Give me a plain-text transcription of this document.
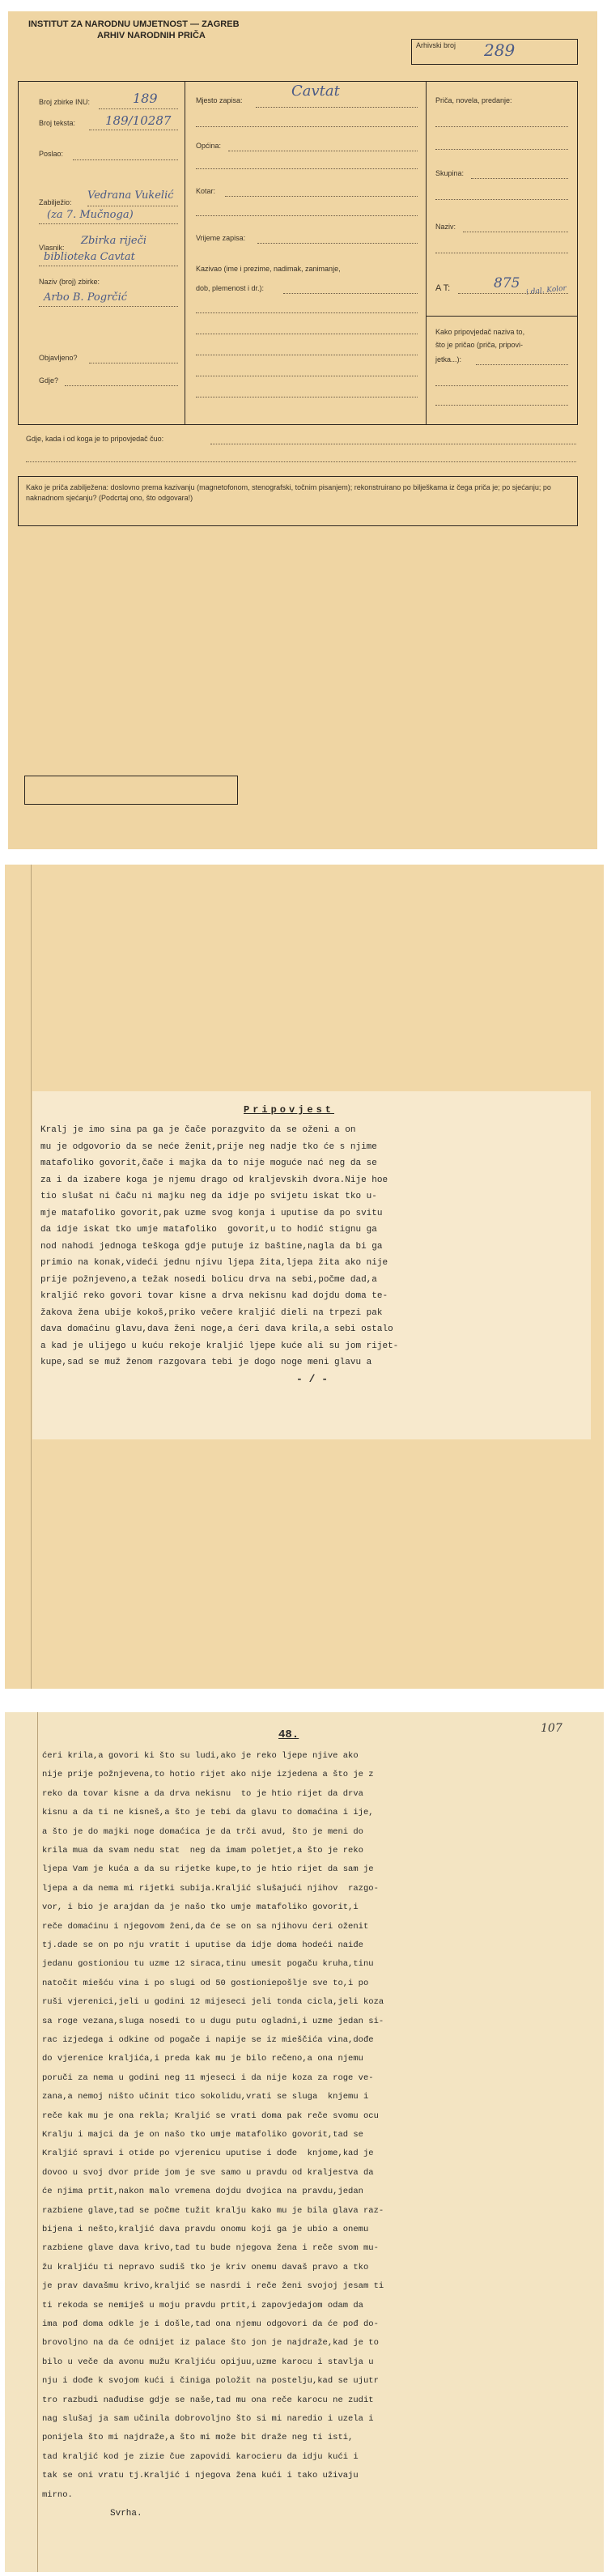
INSTITUT ZA NARODNU UMJETNOST — ZAGREB
ARHIV NARODNIH PRIČA
Arhivski broj 289
Broj zbirke INU:	189
Broj teksta: 189/10287
Poslao:
Zabilježio:
Vedrana Vukelić
(za 7. Mučnoga)
Vlasnik:
Zbirka riječi
biblioteka Cavtat
Naziv (broj) zbirke:
Arbo B. Pogrčić
Objavljeno?
Gdje?
Mjesto zapisa:
Cavtat
Općina:
Kotar:
Vrijeme zapisa:
Kazivao (ime i prezime, nadimak, zanimanje,
dob, plemenost i dr.):
Priča, novela, predanje:
Skupina:
Naziv:
A T:	875 i dal. Kolor
Kako pripovjedač naziva to,
što je pričao (priča, pripovi-
jetka...):
Gdje, kada i od koga je to pripovjedač čuo:
Kako je priča zabilježena: doslovno prema kazivanju (magnetofonom, stenografski, točnim pisanjem); rekonstruirano po bilješkama iz čega priča je; po sjećanju; po naknadnom sjećanju? (Podcrtaj ono, što odgovara!)
Pripovjest
Kralj je imo sina pa ga je čače porazgvito da se oženi a on
mu je odgovorio da se neće ženit,prije neg nadje tko će s njime
matafoliko govorit,čače i majka da to nije moguće nać neg da se
za i da izabere koga je njemu drago od kraljevskih dvora.Nije hoe
tio slušat ni čaču ni majku neg da idje po svijetu iskat tko u-
mje matafoliko govorit,pak uzme svog konja i uputise da po svitu
da idje iskat tko umje matafoliko  govorit,u to hodić stignu ga
nod nahodi jednoga teškoga gdje putuje iz baštine,nagla da bi ga
primio na konak,videći jednu njivu ljepa žita,ljepa žita ako nije
prije požnjeveno,a težak nosedi bolicu drva na sebi,počme dad,a
kraljić reko govori tovar kisne a drva nekisnu kad dojdu doma te-
žakova žena ubije kokoš,priko večere kraljić dieli na trpezi pak
dava domaćinu glavu,dava ženi noge,a ćeri dava krila,a sebi ostalo
a kad je ulijego u kuću rekoje kraljić ljepe kuće ali su jom rijet-
kupe,sad se muž ženom razgovara tebi je dogo noge meni glavu a
- / -
48.	107
ćeri krila,a govori ki što su ludi,ako je reko ljepe njive ako
nije prije požnjevena,to hotio rijet ako nije izjedena a što je z
reko da tovar kisne a da drva nekisnu  to je htio rijet da drva
kisnu a da ti ne kisneš,a što je tebi da glavu to domaćina i ije,
a što je do majki noge domaćica je da trči avud, što je meni do
krila mua da svam nedu stat  neg da imam poletjet,a što je reko
ljepa Vam je kuća a da su rijetke kupe,to je htio rijet da sam je
ljepa a da nema mi rijetki subija.Kraljić slušajući njihov  razgo-
vor, i bio je arajdan da je našo tko umje matafoliko govorit,i
reče domaćinu i njegovom ženi,da će se on sa njihovu ćeri oženit
tj.dade se on po nju vratit i uputise da idje doma hodeći naiđe
jedanu gostioniou tu uzme 12 siraca,tinu umesit pogaču kruha,tinu
natočit miešću vina i po slugi od 50 gostioniepošlje sve to,i po
ruši vjerenici,jeli u godini 12 mijeseci jeli tonda cicla,jeli koza
sa roge vezana,sluga nosedi to u dugu putu ogladni,i uzme jedan si-
rac izjedega i odkine od pogače i napije se iz mieščića vina,dođe
do vjerenice kraljića,i preda kak mu je bilo rečeno,a ona njemu
poruči za nema u godini neg 11 mjeseci i da nije koza za roge ve-
zana,a nemoj ništo učinit tico sokolidu,vrati se sluga  knjemu i
reče kak mu je ona rekla; Kraljić se vrati doma pak reče svomu ocu
Kralju i majci da je on našo tko umje matafoliko govorit,tad se
Kraljić spravi i otide po vjerenicu uputise i dođe  knjome,kad je
dovoo u svoj dvor pride jom je sve samo u pravdu od kraljestva da
će njima prtit,nakon malo vremena dojdu dvojica na pravdu,jedan
razbiene glave,tad se počme tužit kralju kako mu je bila glava raz-
bijena i nešto,kraljić dava pravdu onomu koji ga je ubio a onemu
razbiene glave dava krivo,tad tu bude njegova žena i reče svom mu-
žu kraljiću ti nepravo sudiš tko je kriv onemu davaš pravo a tko
je prav davašmu krivo,kraljić se nasrdi i reče ženi svojoj jesam ti
ti rekoda se nemiješ u moju pravdu prtit,i zapovjedajom odam da
ima pođ doma odkle je i došle,tad ona njemu odgovori da će pođ do-
brovoljno na da će odnijet iz palace što jon je najdraže,kad je to
bilo u veče da avonu mužu Kraljiću opijuu,uzme karocu i stavlja u
nju i dođe k svojom kući i činiga položit na postelju,kad se ujutr
tro razbudi nađudise gdje se naše,tad mu ona reče karocu ne zudit
nag slušaj ja sam učinila dobrovoljno što si mi naredio i uzela i
ponijela što mi najdraže,a što mi može bit draže neg ti isti,
tad kraljić kod je zizie čue zapovidi karocieru da idju kući i
tak se oni vratu tj.Kraljić i njegova žena kući i tako uživaju
mirno.
Svrha.
